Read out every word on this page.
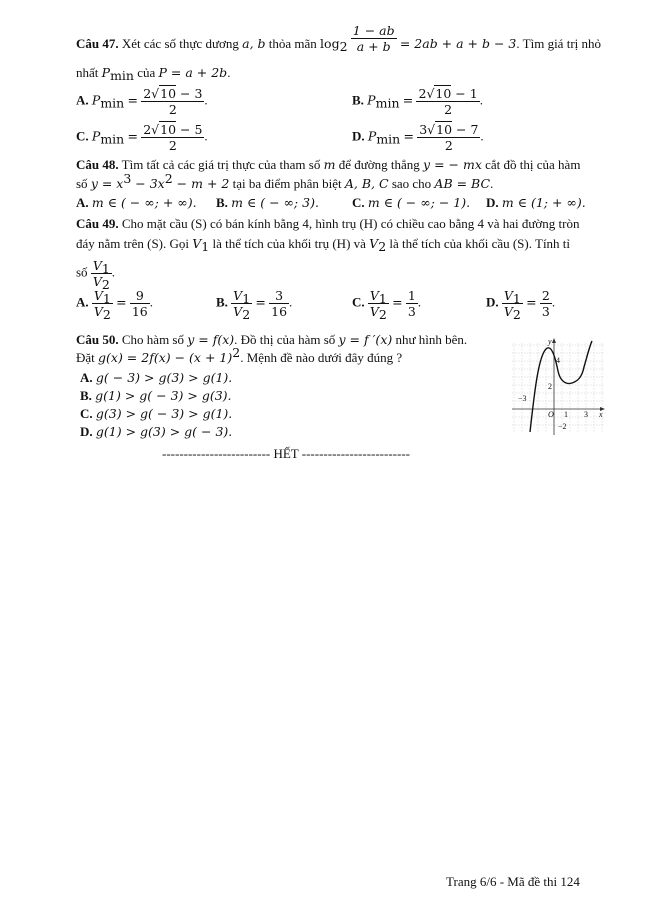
Câu 47. Xét các số thực dương a, b thỏa mãn $\log_2 \frac{1 - ab}{a + b} = 2ab + a + b - 3$. Tìm giá trị nhỏ
nhất $P_{min}$ của P = a + 2b.
A. $P_{min} = \frac{2√10 - 3}{2}$ .	B. $P_{min} = \frac{2√10 - 1}{2}$ .
C. $P_{min} = \frac{2√10 - 5}{2}$ .	D. $P_{min} = \frac{3√10 - 7}{2}$ .
Câu 48. Tìm tất cả các giá trị thực của tham số m để đường thẳng y = − mx cắt đồ thị của hàm
số $y = x^3 - 3x^2 - m + 2$ tại ba điểm phân biệt A, B, C sao cho AB = BC.
A. m ∈ ( − ∞; + ∞). B. m ∈ ( − ∞; 3).	C. m ∈ ( − ∞; − 1). D. m ∈ (1; + ∞).
Câu 49. Cho mặt cầu (S) có bán kính bằng 4, hình trụ (H) có chiều cao bằng 4 và hai đường tròn
đáy nằm trên (S). Gọi $V_1$ là thể tích của khối trụ (H) và $V_2$ là thể tích của khối cầu (S). Tính tỉ
số $\frac{V_1}{V_2}$ .
A. $\frac{V_1}{V_2} = \frac{9}{16}$ .	B. $\frac{V_1}{V_2} = \frac{3}{16}$ .	C. $\frac{V_1}{V_2} = \frac{1}{3}$ .	D. $\frac{V_1}{V_2} = \frac{2}{3}$ .
Câu 50. Cho hàm số y = f(x). Đồ thị của hàm số y = f ′(x) như hình bên.
Đặt $g(x) = 2f(x) - (x + 1)^2$. Mệnh đề nào dưới đây đúng ?
A. g( − 3) > g(3) > g(1).
B. g(1) > g( − 3) > g(3).
C. g(3) > g( − 3) > g(1).
D. g(1) > g(3) > g( − 3).
y
x
O
4
2
−3
1 3
−2
------------------------- HẾT -------------------------
Trang 6/6 - Mã đề thi 124
